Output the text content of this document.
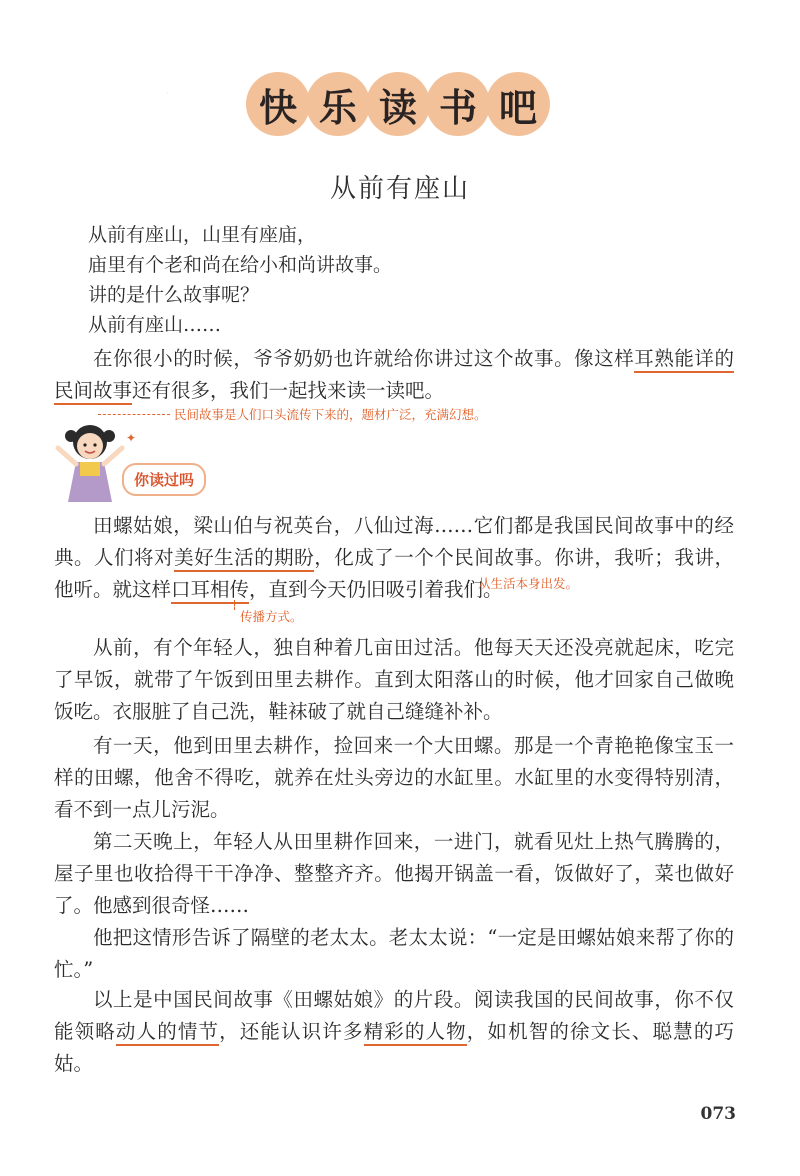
˙	快 乐 读 书 吧
从前有座山
从前有座山，山里有座庙，
庙里有个老和尚在给小和尚讲故事。
讲的是什么故事呢？
从前有座山……
在你很小的时候，爷爷奶奶也许就给你讲过这个故事。像这样耳熟能详的民间故事还有很多，我们一起找来读一读吧。
民间故事是人们口头流传下来的，题材广泛，充满幻想。
✦
你读过吗
田螺姑娘，梁山伯与祝英台，八仙过海……它们都是我国民间故事中的经典。人们将对美好生活的期盼，化成了一个个民间故事。你讲，我听；我讲，他听。就这样口耳相传，直到今天仍旧吸引着我们。
从生活本身出发。
传播方式。
从前，有个年轻人，独自种着几亩田过活。他每天天还没亮就起床，吃完了早饭，就带了午饭到田里去耕作。直到太阳落山的时候，他才回家自己做晚饭吃。衣服脏了自己洗，鞋袜破了就自己缝缝补补。
有一天，他到田里去耕作，捡回来一个大田螺。那是一个青艳艳像宝玉一样的田螺，他舍不得吃，就养在灶头旁边的水缸里。水缸里的水变得特别清，看不到一点儿污泥。
第二天晚上，年轻人从田里耕作回来，一进门，就看见灶上热气腾腾的，屋子里也收拾得干干净净、整整齐齐。他揭开锅盖一看，饭做好了，菜也做好了。他感到很奇怪……
他把这情形告诉了隔壁的老太太。老太太说：“一定是田螺姑娘来帮了你的忙。”
以上是中国民间故事《田螺姑娘》的片段。阅读我国的民间故事，你不仅能领略动人的情节，还能认识许多精彩的人物，如机智的徐文长、聪慧的巧姑。
073
